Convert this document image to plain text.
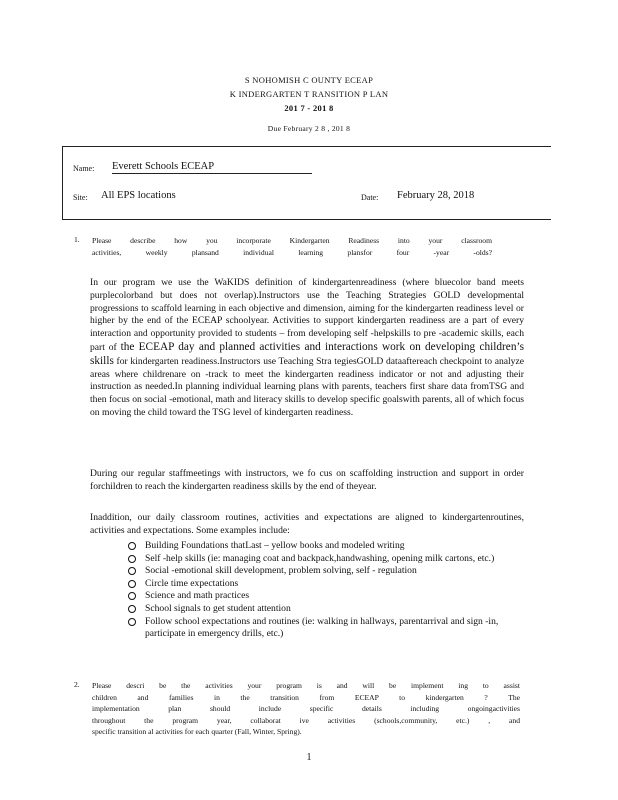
S NOHOMISH C OUNTY ECEAP
K INDERGARTEN T RANSITION P LAN
201 7 - 201 8
Due February 2 8 , 201 8
Name: Everett Schools ECEAP
Site: All EPS locations	Date: February 28, 2018
1. Please describe how you incorporate Kindergarten Readiness into your classroom
activities, weekly plansand individual learning plansfor four -year -olds?
In our program we use the WaKIDS definition of kindergartenreadiness (where bluecolor band meets purplecolorband but does not overlap).Instructors use the Teaching Strategies GOLD developmental progressions to scaffold learning in each objective and dimension, aiming for the kindergarten readiness level or higher by the end of the ECEAP schoolyear. Activities to support kindergarten readiness are a part of every interaction and opportunity provided to students – from developing self -helpskills to pre -academic skills, each part of the ECEAP day and planned activities and interactions work on developing children’s skills for kindergarten readiness.Instructors use Teaching Stra tegiesGOLD dataaftereach checkpoint to analyze areas where childrenare on -track to meet the kindergarten readiness indicator or not and adjusting their instruction as needed.In planning individual learning plans with parents, teachers first share data fromTSG and then focus on social -emotional, math and literacy skills to develop specific goalswith parents, all of which focus on moving the child toward the TSG level of kindergarten readiness.
During our regular staffmeetings with instructors, we fo cus on scaffolding instruction and support in order forchildren to reach the kindergarten readiness skills by the end of theyear.
Inaddition, our daily classroom routines, activities and expectations are aligned to kindergartenroutines, activities and expectations. Some examples include:
Building Foundations thatLast – yellow books and modeled writing
Self -help skills (ie: managing coat and backpack,handwashing, opening milk cartons, etc.)
Social -emotional skill development, problem solving, self - regulation
Circle time expectations
Science and math practices
School signals to get student attention
Follow school expectations and routines (ie: walking in hallways, parentarrival and sign -in, participate in emergency drills, etc.)
2. Please descri be the activities your program is and will be implement ing to assist
children and families in the transition from ECEAP to kindergarten ? The
implementation plan should include specific details including ongoingactivities
throughout the program year, collaborat ive activities (schools,community, etc.) , and
specific transition al activities for each quarter (Fall, Winter, Spring).
1
